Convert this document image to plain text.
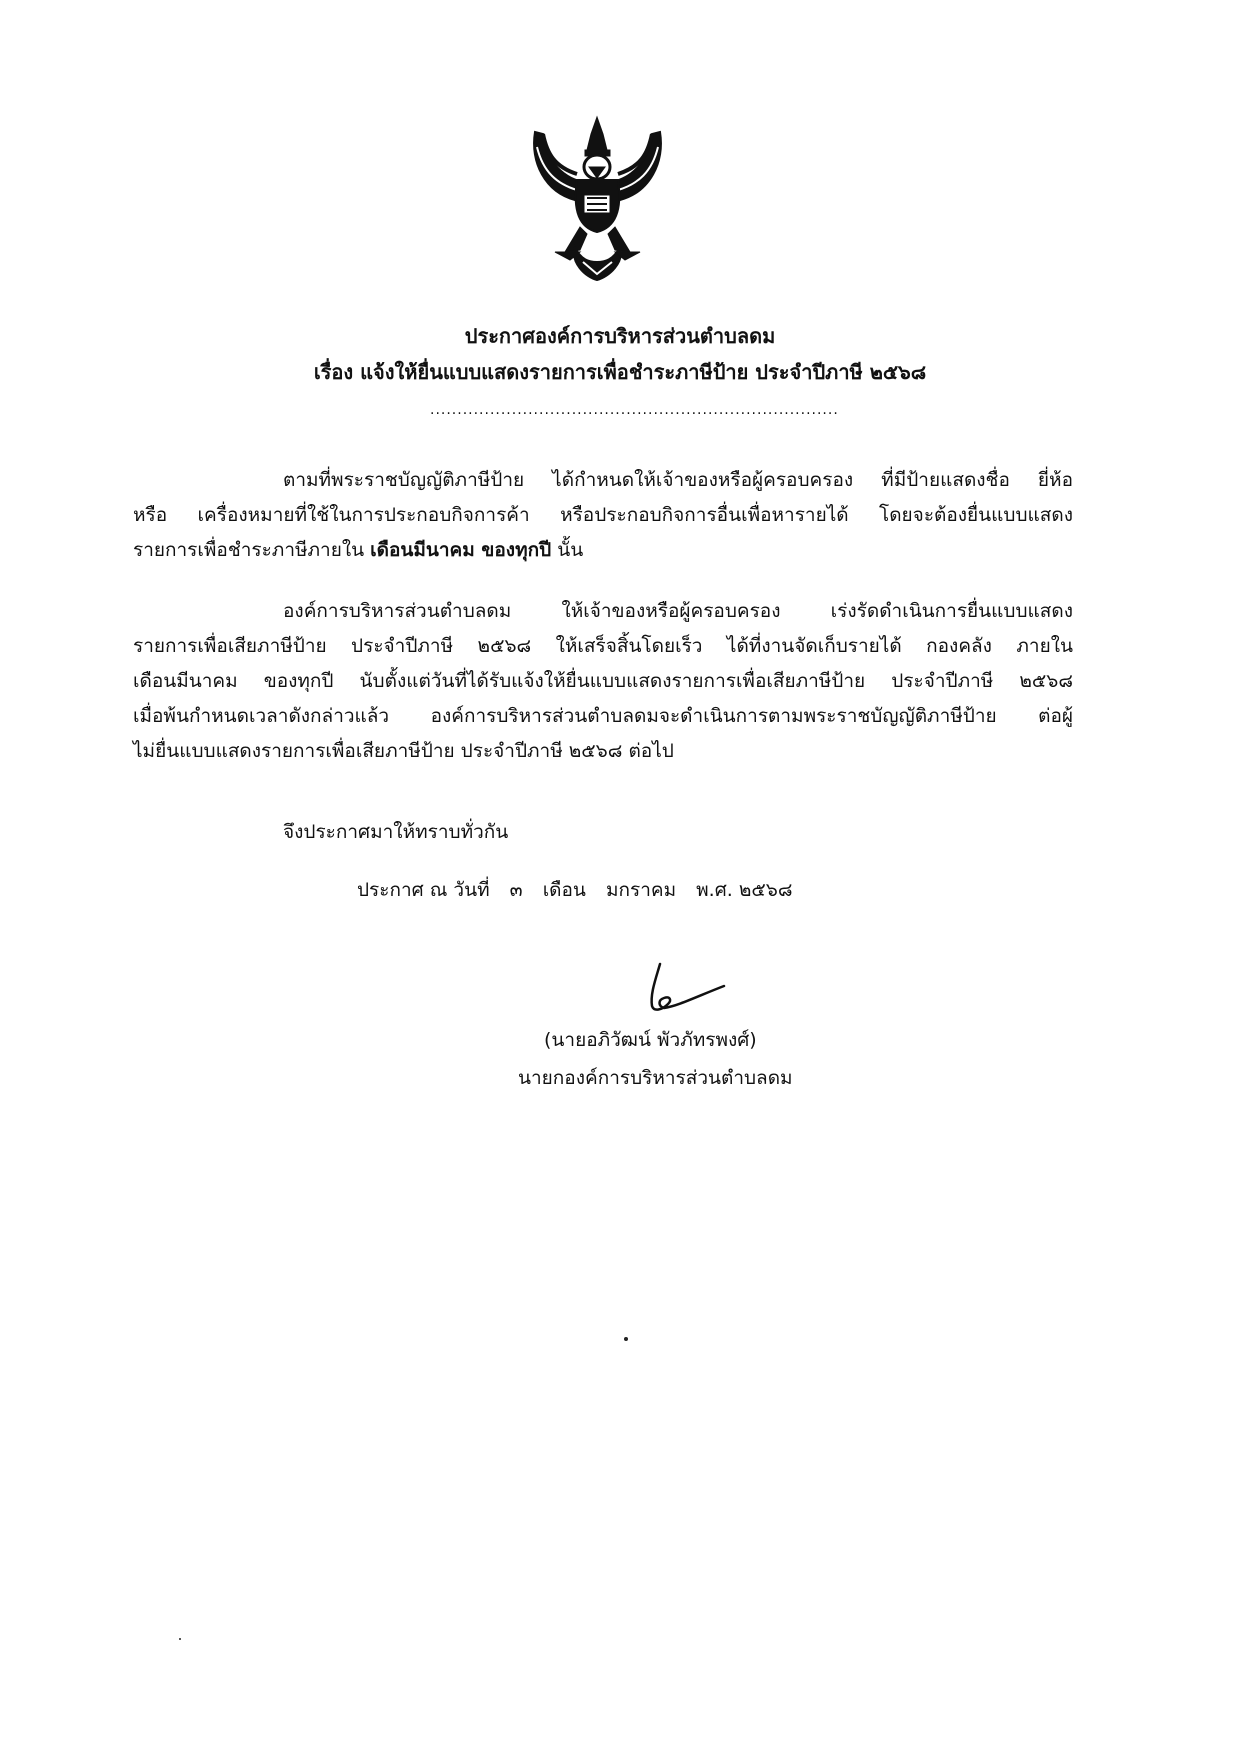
ประกาศองค์การบริหารส่วนตำบลดม
เรื่อง แจ้งให้ยื่นแบบแสดงรายการเพื่อชำระภาษีป้าย ประจำปีภาษี ๒๕๖๘
...........................................................................
ตามที่พระราชบัญญัติภาษีป้าย ได้กำหนดให้เจ้าของหรือผู้ครอบครอง ที่มีป้ายแสดงชื่อ ยี่ห้อ
หรือ เครื่องหมายที่ใช้ในการประกอบกิจการค้า หรือประกอบกิจการอื่นเพื่อหารายได้ โดยจะต้องยื่นแบบแสดง
รายการเพื่อชำระภาษีภายใน เดือนมีนาคม ของทุกปี นั้น
องค์การบริหารส่วนตำบลดม ให้เจ้าของหรือผู้ครอบครอง เร่งรัดดำเนินการยื่นแบบแสดง
รายการเพื่อเสียภาษีป้าย ประจำปีภาษี ๒๕๖๘ ให้เสร็จสิ้นโดยเร็ว ได้ที่งานจัดเก็บรายได้ กองคลัง ภายใน
เดือนมีนาคม ของทุกปี นับตั้งแต่วันที่ได้รับแจ้งให้ยื่นแบบแสดงรายการเพื่อเสียภาษีป้าย ประจำปีภาษี ๒๕๖๘
เมื่อพ้นกำหนดเวลาดังกล่าวแล้ว องค์การบริหารส่วนตำบลดมจะดำเนินการตามพระราชบัญญัติภาษีป้าย ต่อผู้
ไม่ยื่นแบบแสดงรายการเพื่อเสียภาษีป้าย ประจำปีภาษี ๒๕๖๘ ต่อไป
จึงประกาศมาให้ทราบทั่วกัน
ประกาศ ณ วันที่ ๓ เดือน มกราคม พ.ศ. ๒๕๖๘
(นายอภิวัฒน์ พัวภัทรพงศ์)
นายกองค์การบริหารส่วนตำบลดม
